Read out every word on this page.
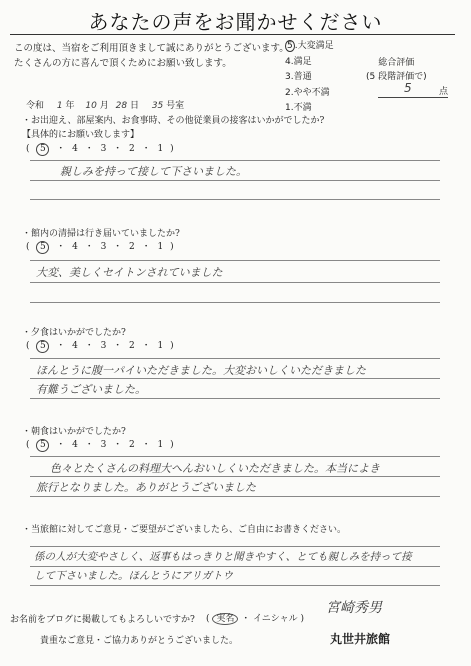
あなたの声をお聞かせください
この度は、当宿をご利用頂きまして誠にありがとうございます。
たくさんの方に喜んで頂くためにお願い致します。
5 .大変満足
4.満足
3.普通
2.やや不満
1.不満
総合評価
(5 段階評価で)
5	点
令和 1 年 10 月 28 日 35 号室
・お出迎え、部屋案内、お食事時、その他従業員の接客はいかがでしたか?
【具体的にお願い致します】
( 5 ・ 4 ・ 3 ・ 2 ・ 1 )
親しみを持って接して下さいました。
・館内の清掃は行き届いていましたか?
( 5 ・ 4 ・ 3 ・ 2 ・ 1 )
大変、美しくセイトンされていました
・夕食はいかがでしたか?
( 5 ・ 4 ・ 3 ・ 2 ・ 1 )
ほんとうに腹一パイいただきました。大変おいしくいただきました
有難うございました。
・朝食はいかがでしたか?
( 5 ・ 4 ・ 3 ・ 2 ・ 1 )
色々とたくさんの料理大へんおいしくいただきました。本当によき
旅行となりました。ありがとうございました
・当旅館に対してご意見・ご要望がございましたら、ご自由にお書きください。
係の人が大変やさしく、返事もはっきりと聞きやすく、とても親しみを持って接
して下さいました。ほんとうにアリガトウ
お名前をブログに掲載してもよろしいですか? ( 実名 ・ イニシャル )
宮崎秀男
貴重なご意見・ご協力ありがとうございました。	丸世井旅館
